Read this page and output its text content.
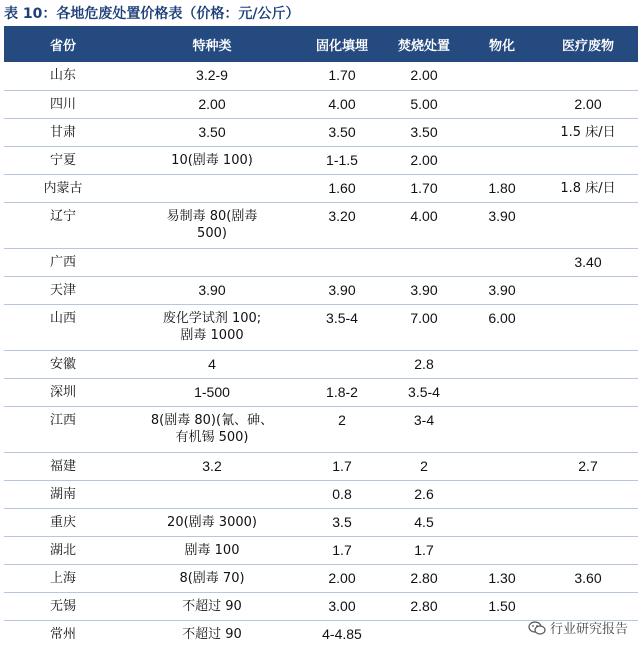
表 10：各地危废处置价格表（价格：元/公斤）
省份	特种类	固化填埋	焚烧处置	物化	医疗废物
山东	3.2-9	1.70	2.00		
四川	2.00	4.00	5.00		2.00
甘肃	3.50	3.50	3.50		1.5 床/日
宁夏	10(剧毒 100)	1-1.5	2.00		
内蒙古		1.60	1.70	1.80	1.8 床/日
辽宁	易制毒 80(剧毒
500)	3.20	4.00	3.90	
广西					3.40
天津	3.90	3.90	3.90	3.90	
山西	废化学试剂 100;
剧毒 1000	3.5-4	7.00	6.00	
安徽	4		2.8		
深圳	1-500	1.8-2	3.5-4		
江西	8(剧毒 80)(氰、砷、
有机锡 500)	2	3-4		
福建	3.2	1.7	2		2.7
湖南		0.8	2.6		
重庆	20(剧毒 3000)	3.5	4.5		
湖北	剧毒 100	1.7	1.7		
上海	8(剧毒 70)	2.00	2.80	1.30	3.60
无锡	不超过 90	3.00	2.80	1.50	
常州	不超过 90	4-4.85				行业研究报告
